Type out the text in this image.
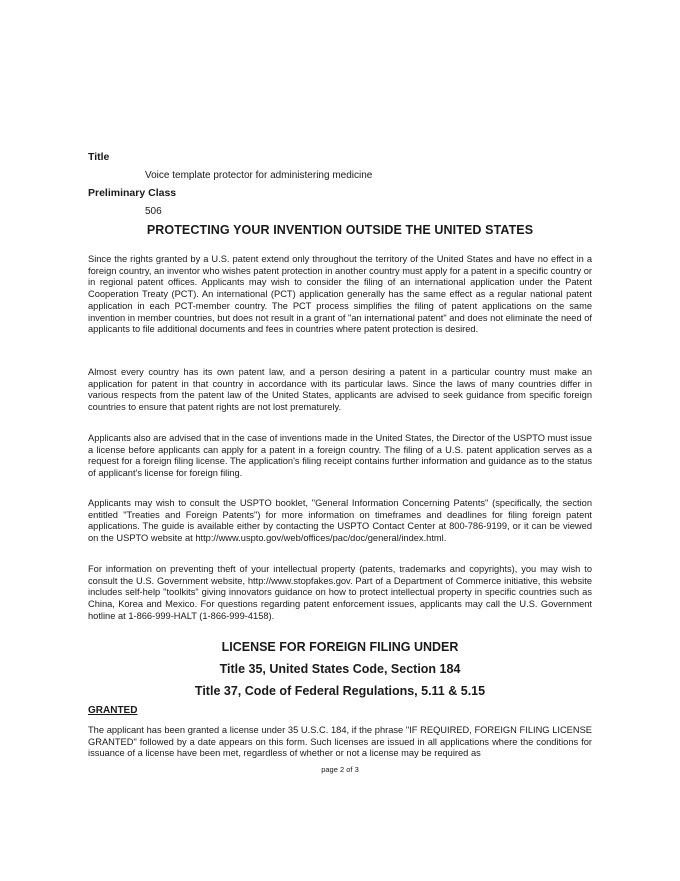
Title
Voice template protector for administering medicine
Preliminary Class
506
PROTECTING YOUR INVENTION OUTSIDE THE UNITED STATES

Since the rights granted by a U.S. patent extend only throughout the territory of the United States and have no effect in a foreign country, an inventor who wishes patent protection in another country must apply for a patent in a specific country or in regional patent offices. Applicants may wish to consider the filing of an international application under the Patent Cooperation Treaty (PCT). An international (PCT) application generally has the same effect as a regular national patent application in each PCT-member country. The PCT process simplifies the filing of patent applications on the same invention in member countries, but does not result in a grant of "an international patent" and does not eliminate the need of applicants to file additional documents and fees in countries where patent protection is desired.

Almost every country has its own patent law, and a person desiring a patent in a particular country must make an application for patent in that country in accordance with its particular laws. Since the laws of many countries differ in various respects from the patent law of the United States, applicants are advised to seek guidance from specific foreign countries to ensure that patent rights are not lost prematurely.

Applicants also are advised that in the case of inventions made in the United States, the Director of the USPTO must issue a license before applicants can apply for a patent in a foreign country. The filing of a U.S. patent application serves as a request for a foreign filing license. The application's filing receipt contains further information and guidance as to the status of applicant's license for foreign filing.

Applicants may wish to consult the USPTO booklet, "General Information Concerning Patents" (specifically, the section entitled "Treaties and Foreign Patents") for more information on timeframes and deadlines for filing foreign patent applications. The guide is available either by contacting the USPTO Contact Center at 800-786-9199, or it can be viewed on the USPTO website at http://www.uspto.gov/web/offices/pac/doc/general/index.html.

For information on preventing theft of your intellectual property (patents, trademarks and copyrights), you may wish to consult the U.S. Government website, http://www.stopfakes.gov. Part of a Department of Commerce initiative, this website includes self-help "toolkits" giving innovators guidance on how to protect intellectual property in specific countries such as China, Korea and Mexico. For questions regarding patent enforcement issues, applicants may call the U.S. Government hotline at 1-866-999-HALT (1-866-999-4158).

LICENSE FOR FOREIGN FILING UNDER
Title 35, United States Code, Section 184
Title 37, Code of Federal Regulations, 5.11 & 5.15
GRANTED

The applicant has been granted a license under 35 U.S.C. 184, if the phrase "IF REQUIRED, FOREIGN FILING LICENSE GRANTED" followed by a date appears on this form. Such licenses are issued in all applications where the conditions for issuance of a license have been met, regardless of whether or not a license may be required as

page 2 of 3
